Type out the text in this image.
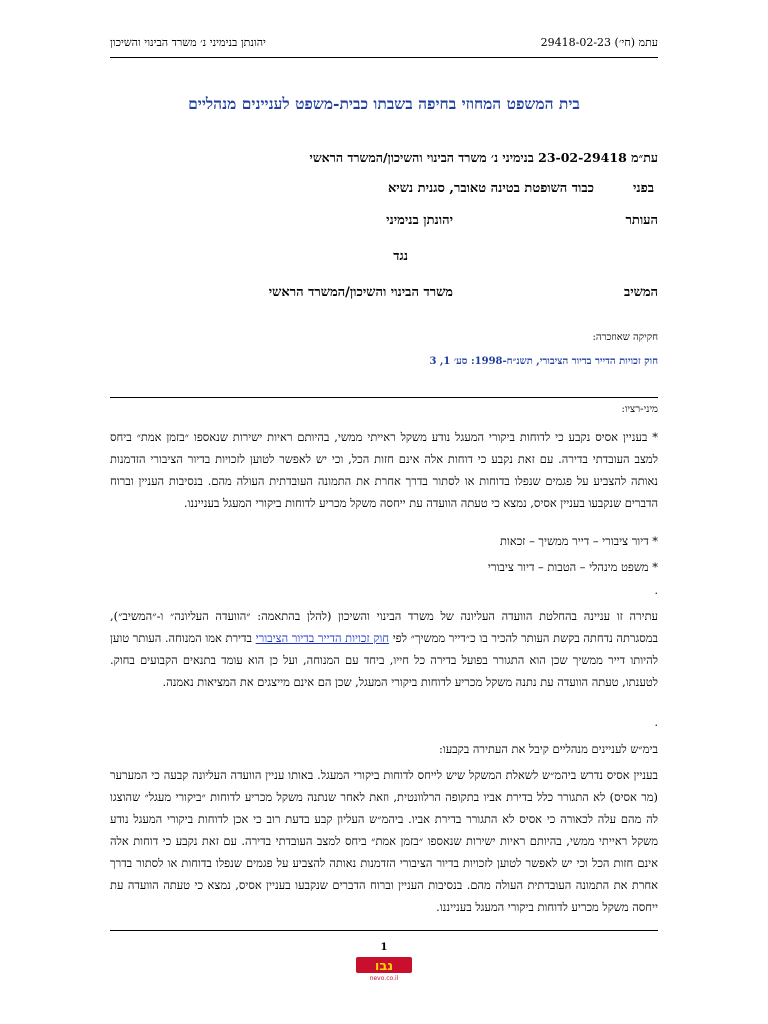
עתמ (חי׳) 29418-02-23
יהונתן בנימיני נ׳ משרד הבינוי והשיכון
בית המשפט המחוזי בחיפה בשבתו כבית-משפט לעניינים מנהליים
עת״מ 23-02-29418 בנימיני נ׳ משרד הבינוי והשיכון/המשרד הראשי
בפני
כבוד השופטת בטינה טאובר, סגנית נשיא
העותר
יהונתן בנימיני
נגד
המשיב
משרד הבינוי והשיכון/המשרד הראשי
חקיקה שאוזכרה:
חוק זכויות הדייר בדיור הציבורי, תשנ״ח-1998: סע׳ 1, 3
מיני-רציו:
* בעניין אסיס נקבע כי לדוחות ביקורי המעגל נודע משקל ראייתי ממשי, בהיותם ראיות ישירות שנאספו ״בזמן אמת״ ביחס למצב העובדתי בדירה. עם זאת נקבע כי דוחות אלה אינם חזות הכל, וכי יש לאפשר לטוען לזכויות בדיור הציבורי הזדמנות נאותה להצביע על פגמים שנפלו בדוחות או לסתור בדרך אחרת את התמונה העובדתית העולה מהם. בנסיבות העניין וברוח הדברים שנקבעו בעניין אסיס, נמצא כי טעתה הוועדה עת ייחסה משקל מכריע לדוחות ביקורי המעגל בענייננו.
* דיור ציבורי – דייר ממשיך – זכאות
* משפט מינהלי – הטבות – דיור ציבורי
.
עתירה זו עניינה בהחלטת הוועדה העליונה של משרד הבינוי והשיכון (להלן בהתאמה: ״הוועדה העליונה״ ו-״המשיב״), במסגרתה נדחתה בקשת העותר להכיר בו כ״דייר ממשיך״ לפי חוק זכויות הדייר בדיור הציבורי בדירת אמו המנוחה. העותר טוען להיותו דייר ממשיך שכן הוא התגורר בפועל בדירה כל חייו, ביחד עם המנוחה, ועל כן הוא עומד בתנאים הקבועים בחוק. לטענתו, טעתה הוועדה עת נתנה משקל מכריע לדוחות ביקורי המעגל, שכן הם אינם מייצגים את המציאות נאמנה.
.
בימ״ש לעניינים מנהליים קיבל את העתירה בקבעו:
בעניין אסיס נדרש ביהמ״ש לשאלת המשקל שיש לייחס לדוחות ביקורי המעגל. באותו עניין הוועדה העליונה קבעה כי המערער (מר אסיס) לא התגורר כלל בדירת אביו בתקופה הרלוונטית, וזאת לאחר שנתנה משקל מכריע לדוחות ״ביקורי מעגל״ שהוצגו לה מהם עלה לכאורה כי אסיס לא התגורר בדירת אביו. ביהמ״ש העליון קבע בדעת רוב כי אכן לדוחות ביקורי המעגל נודע משקל ראייתי ממשי, בהיותם ראיות ישירות שנאספו ״בזמן אמת״ ביחס למצב העובדתי בדירה. עם זאת נקבע כי דוחות אלה אינם חזות הכל וכי יש לאפשר לטוען לזכויות בדיור הציבורי הזדמנות נאותה להצביע על פגמים שנפלו בדוחות או לסתור בדרך אחרת את התמונה העובדתית העולה מהם. בנסיבות העניין וברוח הדברים שנקבעו בעניין אסיס, נמצא כי טעתה הוועדה עת ייחסה משקל מכריע לדוחות ביקורי המעגל בענייננו.
1
נבו
nevo.co.il
